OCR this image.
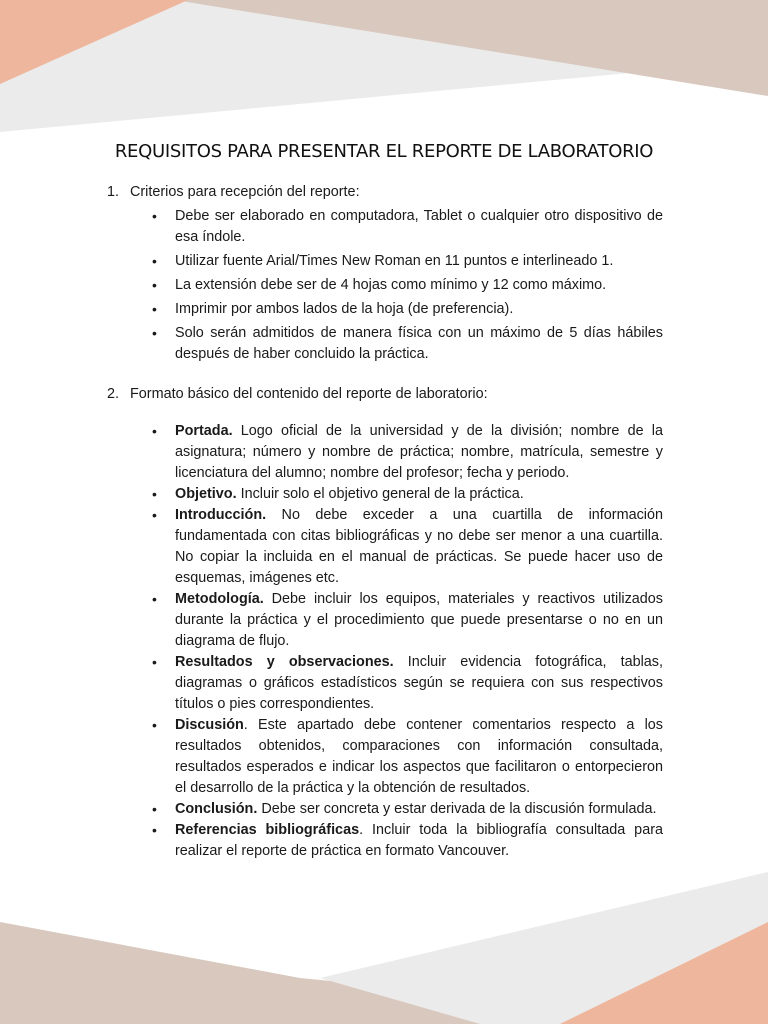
REQUISITOS PARA PRESENTAR EL REPORTE DE LABORATORIO

1. Criterios para recepción del reporte:

• Debe ser elaborado en computadora, Tablet o cualquier otro dispositivo de esa índole.
• Utilizar fuente Arial/Times New Roman en 11 puntos e interlineado 1.
• La extensión debe ser de 4 hojas como mínimo y 12 como máximo.
• Imprimir por ambos lados de la hoja (de preferencia).
• Solo serán admitidos de manera física con un máximo de 5 días hábiles después de haber concluido la práctica.

2. Formato básico del contenido del reporte de laboratorio:

• Portada. Logo oficial de la universidad y de la división; nombre de la asignatura; número y nombre de práctica; nombre, matrícula, semestre y licenciatura del alumno; nombre del profesor; fecha y periodo.
• Objetivo. Incluir solo el objetivo general de la práctica.
• Introducción. No debe exceder a una cuartilla de información fundamentada con citas bibliográficas y no debe ser menor a una cuartilla. No copiar la incluida en el manual de prácticas. Se puede hacer uso de esquemas, imágenes etc.
• Metodología. Debe incluir los equipos, materiales y reactivos utilizados durante la práctica y el procedimiento que puede presentarse o no en un diagrama de flujo.
• Resultados y observaciones. Incluir evidencia fotográfica, tablas, diagramas o gráficos estadísticos según se requiera con sus respectivos títulos o pies correspondientes.
• Discusión. Este apartado debe contener comentarios respecto a los resultados obtenidos, comparaciones con información consultada, resultados esperados e indicar los aspectos que facilitaron o entorpecieron el desarrollo de la práctica y la obtención de resultados.
• Conclusión. Debe ser concreta y estar derivada de la discusión formulada.
• Referencias bibliográficas. Incluir toda la bibliografía consultada para realizar el reporte de práctica en formato Vancouver.
